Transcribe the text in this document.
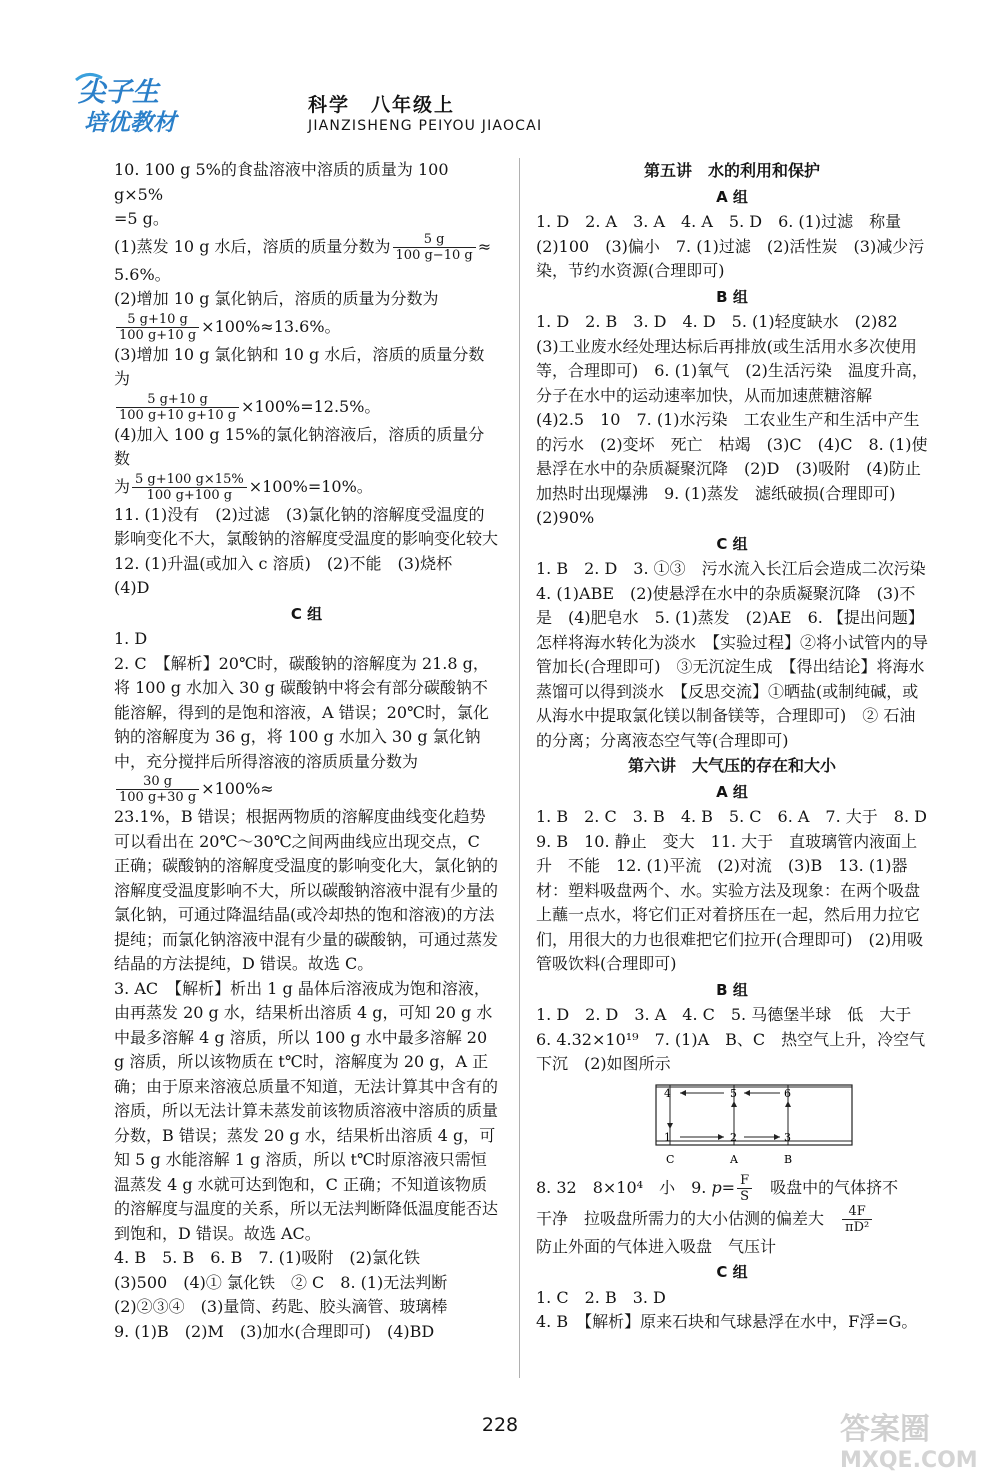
尖子生
培优教材
科学　八年级上
JIANZISHENG PEIYOU JIAOCAI

10. 100 g 5%的食盐溶液中溶质的质量为 100 g×5%

=5 g。

(1)蒸发 10 g 水后，溶质的质量分数为 $\frac{5 g}{100 g-10 g}$ ≈

5.6%。

(2)增加 10 g 氯化钠后，溶质的质量为分数为

$\frac{5 g+10 g}{100 g+10 g} \times 100\%\approx 13.6\%$。

(3)增加 10 g 氯化钠和 10 g 水后，溶质的质量分数为

$\frac{5 g+10 g}{100 g+10 g+10 g} \times 100\%=12.5\%$。

(4)加入 100 g 15%的氯化钠溶液后，溶质的质量分数

为 $\frac{5 g+100 g\times 15\%}{100 g+100 g} \times 100\%=10\%$。

11. (1)没有　(2)过滤　(3)氯化钠的溶解度受温度的影响变化不大，氯酸钠的溶解度受温度的影响变化较大

12. (1)升温(或加入 c 溶质)　(2)不能　(3)烧杯　(4)D

C 组

1. D

2. C　【解析】20℃时，碳酸钠的溶解度为 21.8 g，将 100 g 水加入 30 g 碳酸钠中将会有部分碳酸钠不能溶解，得到的是饱和溶液，A 错误；20℃时，氯化钠的溶解度为 36 g，将 100 g 水加入 30 g 氯化钠中，充分搅拌后所得溶液的溶质质量分数为
$\frac{30 g}{100 g+30 g} \times 100\%\approx$

23.1%，B 错误；根据两物质的溶解度曲线变化趋势可以看出在 20℃～30℃之间两曲线应出现交点，C 正确；碳酸钠的溶解度受温度的影响变化大，氯化钠的溶解度受温度影响不大，所以碳酸钠溶液中混有少量的氯化钠，可通过降温结晶(或冷却热的饱和溶液)的方法提纯；而氯化钠溶液中混有少量的碳酸钠，可通过蒸发结晶的方法提纯，D 错误。故选 C。

3. AC　【解析】析出 1 g 晶体后溶液成为饱和溶液，由再蒸发 20 g 水，结果析出溶质 4 g，可知 20 g 水中最多溶解 4 g 溶质，所以 100 g 水中最多溶解 20 g 溶质，所以该物质在 t℃时，溶解度为 20 g，A 正确；由于原来溶液总质量不知道，无法计算其中含有的溶质，所以无法计算未蒸发前该物质溶液中溶质的质量分数，B 错误；蒸发 20 g 水，结果析出溶质 4 g，可知 5 g 水能溶解 1 g 溶质，所以 t℃时原溶液只需恒温蒸发 4 g 水就可达到饱和，C 正确；不知道该物质的溶解度与温度的关系，所以无法判断降低温度能否达到饱和，D 错误。故选 AC。

4. B　5. B　6. B　7. (1)吸附　(2)氯化铁

(3)500　(4)① 氯化铁　② C　8. (1)无法判断

(2)②③④　(3)量筒、药匙、胶头滴管、玻璃棒

9. (1)B　(2)M　(3)加水(合理即可)　(4)BD

第五讲　水的利用和保护

A 组

1. D　2. A　3. A　4. A　5. D　6. (1)过滤　称量　(2)100　(3)偏小　7. (1)过滤　(2)活性炭　(3)减少污染，节约水资源(合理即可)

B 组

1. D　2. B　3. D　4. D　5. (1)轻度缺水　(2)82　(3)工业废水经处理达标后再排放(或生活用水多次使用等，合理即可)　6. (1)氧气　(2)生活污染　温度升高，分子在水中的运动速率加快，从而加速蔗糖溶解　(4)2.5　10　7. (1)水污染　工农业生产和生活中产生的污水　(2)变坏　死亡　枯竭　(3)C　(4)C　8. (1)使悬浮在水中的杂质凝聚沉降　(2)D　(3)吸附　(4)防止加热时出现爆沸　9. (1)蒸发　滤纸破损(合理即可)　(2)90%

C 组

1. B　2. D　3. ①③　污水流入长江后会造成二次污染　4. (1)ABE　(2)使悬浮在水中的杂质凝聚沉降　(3)不是　(4)肥皂水　5. (1)蒸发　(2)AE　6. 【提出问题】怎样将海水转化为淡水　【实验过程】②将小试管内的导管加长(合理即可)　③无沉淀生成　【得出结论】将海水蒸馏可以得到淡水　【反思交流】①晒盐(或制纯碱，或从海水中提取氯化镁以制备镁等，合理即可)　② 石油的分离；分离液态空气等(合理即可)

第六讲　大气压的存在和大小

A 组

1. B　2. C　3. B　4. B　5. C　6. A　7. 大于　8. D　9. B　10. 静止　变大　11. 大于　直玻璃管内液面上升　不能　12. (1)平流　(2)对流　(3)B　13. (1)器材：塑料吸盘两个、水。实验方法及现象：在两个吸盘上蘸一点水，将它们正对着挤压在一起，然后用力拉它们，用很大的力也很难把它们拉开(合理即可)　(2)用吸管吸饮料(合理即可)

B 组

1. D　2. D　3. A　4. C　5. 马德堡半球　低　大于　6. 4.32×10¹⁹　7. (1)A　B、C　热空气上升，冷空气下沉　(2)如图所示

4	5	6
1	2	3
C	A	B

8. 32　8×10⁴　小　9. $p= \frac{F}{S}$ 　吸盘中的气体挤不

干净　拉吸盘所需力的大小估测的偏差大　 $\frac{4F}{\text{πD²}}$

防止外面的气体进入吸盘　气压计

C 组

1. C　2. B　3. D

4. B　【解析】原来石块和气球悬浮在水中，F浮=G。

228	答案圈
MXQE.COM
